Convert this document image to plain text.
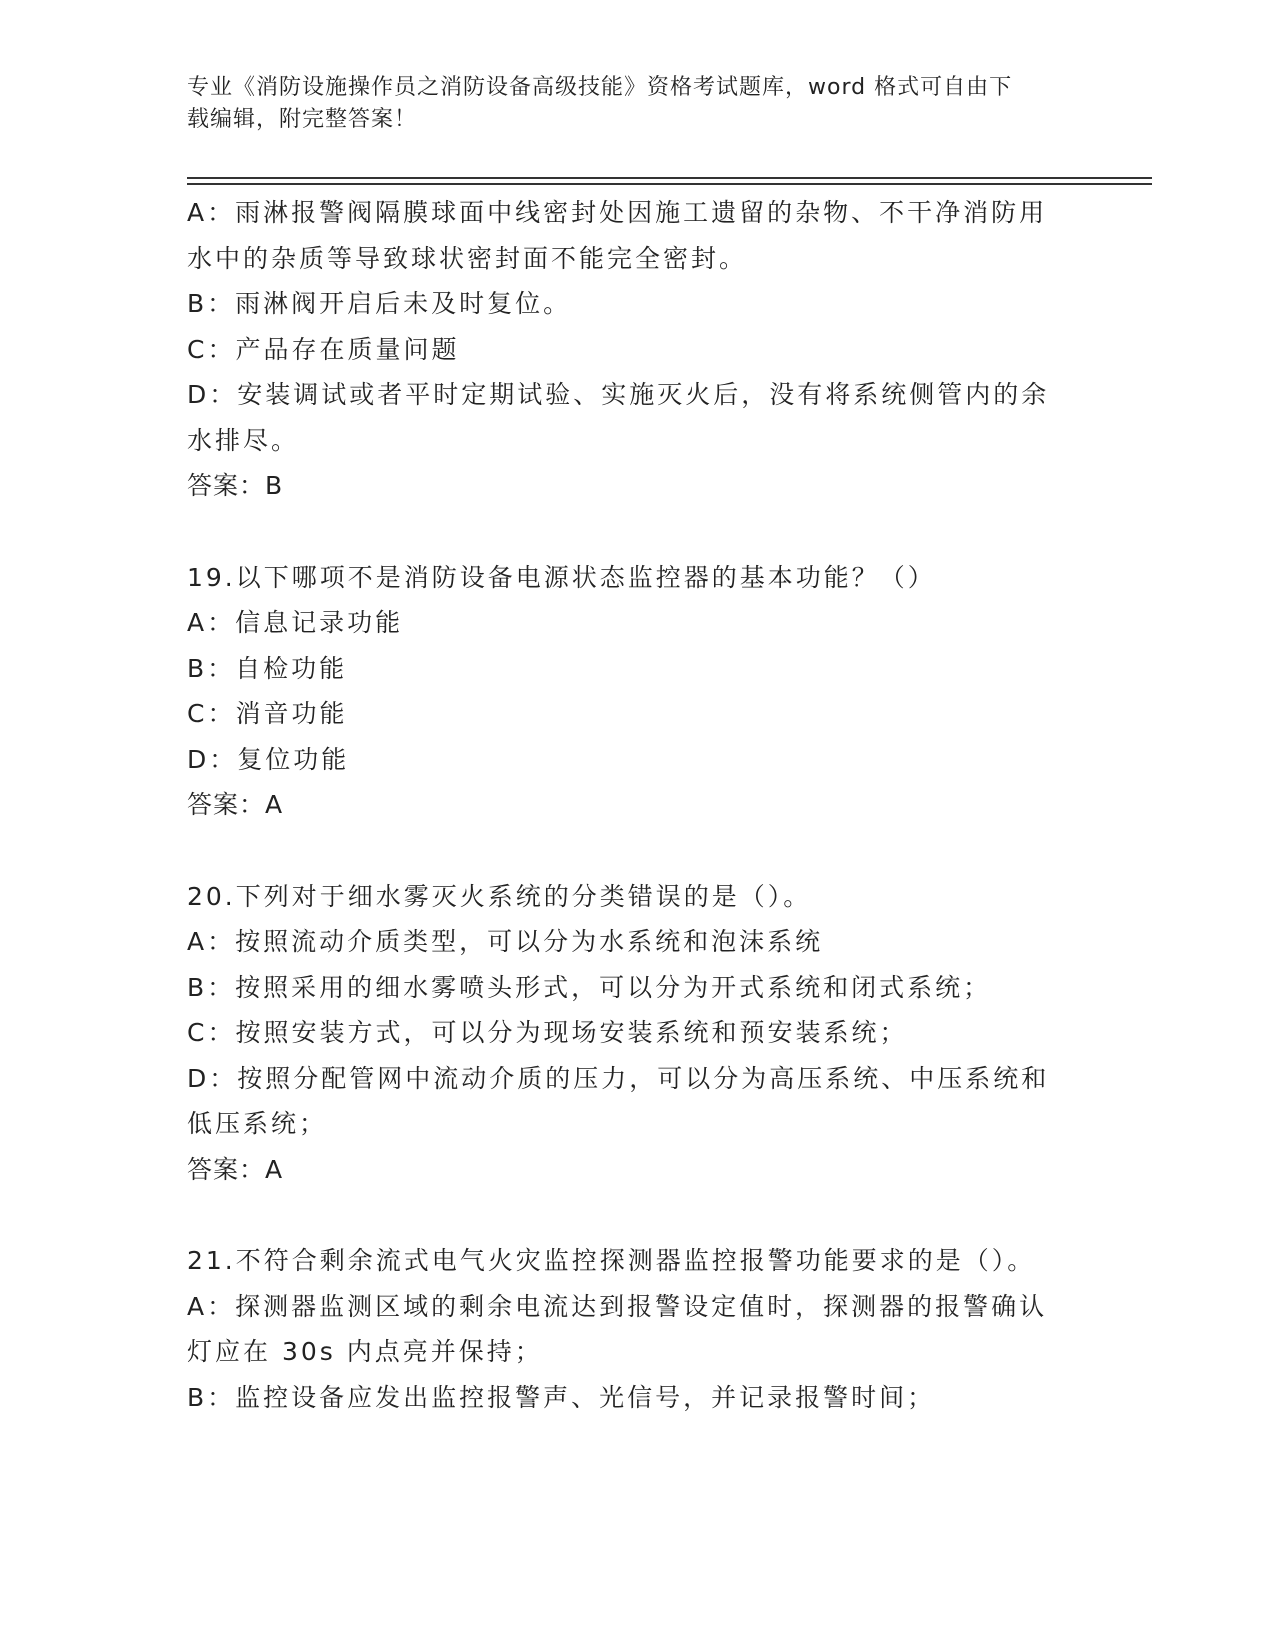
专业《消防设施操作员之消防设备高级技能》资格考试题库，word 格式可自由下
载编辑，附完整答案！
A：雨淋报警阀隔膜球面中线密封处因施工遗留的杂物、不干净消防用
水中的杂质等导致球状密封面不能完全密封。
B：雨淋阀开启后未及时复位。
C：产品存在质量问题
D：安装调试或者平时定期试验、实施灭火后，没有将系统侧管内的余
水排尽。
答案：B
19.以下哪项不是消防设备电源状态监控器的基本功能？（）
A：信息记录功能
B：自检功能
C：消音功能
D：复位功能
答案：A
20.下列对于细水雾灭火系统的分类错误的是（）。
A：按照流动介质类型，可以分为水系统和泡沫系统
B：按照采用的细水雾喷头形式，可以分为开式系统和闭式系统；
C：按照安装方式，可以分为现场安装系统和预安装系统；
D：按照分配管网中流动介质的压力，可以分为高压系统、中压系统和
低压系统；
答案：A
21.不符合剩余流式电气火灾监控探测器监控报警功能要求的是（）。
A：探测器监测区域的剩余电流达到报警设定值时，探测器的报警确认
灯应在 30s 内点亮并保持；
B：监控设备应发出监控报警声、光信号，并记录报警时间；
